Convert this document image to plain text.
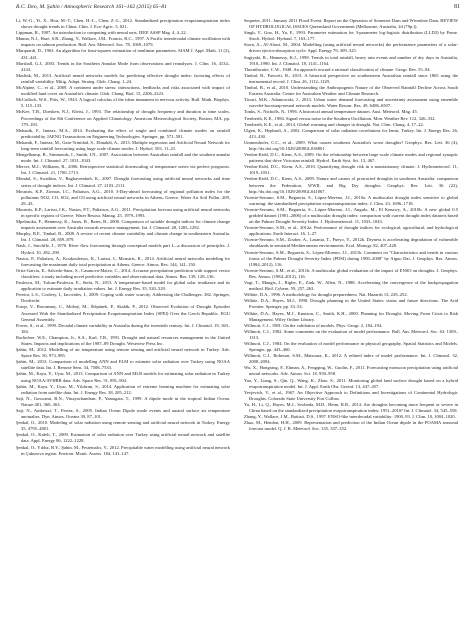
R.C. Deo, M. Şahin / Atmospheric Research 161–162 (2015) 65–81	81

Li, W.-G., Yi, X., Hou, M.-T., Chen, H.-L., Chen, Z.-L., 2012. Standardized precipitation evapotranspiration index shows drought trends in China. Chin. J. Eco-Agric. 5, 021.

Lippman, R., 1987. An introduction to computing with neural nets. IEEE ASSP Mag. 4, 4–22.

Manna, N.J., Hare, S.R., Zhang, Y., Wallace, J.M., Francis, R.C., 1997. A Pacific interdecadal climate oscillation with impacts on salmon production. Bull. Am. Meteorol. Soc. 78, 1069–1079.

Marquardt, D., 1963. An algorithm for least-squares estimation of nonlinear parameters. SIAM J. Appl. Math. 11 (2), 431–441.

Marshall, G.J., 2003. Trends in the Southern Annular Mode from observations and reanalyses. J. Clim. 16, 4134–4143.

Maslink, M., 2013. Artificial neural networks models for predicting effective drought index: factoring effects of rainfall variability. Mitig. Adapt. Strateg. Glob. Chang. 1–24.

McAlpine, C., et al., 2009. A continent under stress: interactions, feedbacks and risks associated with impact of modified land cover on Australia's climate. Glob. Chang. Biol. 15, 2206–2223.

McCulloch, W.S., Pitts, W., 1943. A logical calculus of the ideas immanent in nervous activity. Bull. Math. Biophys. 5, 115–133.

McKee, T.B., Doesken, N.J., Kleist, J., 1993. The relationship of drought frequency and duration to time scales. Proceedings of the 8th Conference on Applied Climatology. American Meteorological Society, Boston, MA, pp. 179–183.

Mekanik, F., Imteaz, M.A., 2014. Evaluating the effect of single and combined climate modes on rainfall predictability. IAENG Transactions on Engineering Technologies. Springer, pp. 571–581.

Mekanik, F., Imteaz, M., Gato-Trinidad, S., Elmahdi, A., 2013. Multiple regression and Artificial Neural Network for long-term rainfall forecasting using large scale climate modes. J. Hydrol. 503, 11–21.

Mengelkamp, B., Simmonds, I., Smith, I.N., 2007. Association between Australian rainfall and the southern annular mode. Int. J. Climatol. 27, 1031–1043.

Mercer, M.J., Williams, R., 2006. Retrospective statistical downscaling of temperature series via perfect prognosis. Int. J. Climatol. 21, 1700–1713.

Mondal, S., Swathim, V., Raghavendarh, K., 2007. Drought forecasting using artificial neural networks and time series of drought indices. Int. J. Climatol. 27, 2103–2111.

Moustris, K.P., Ziomas, I.C., Paliatsos, A.G., 2010. 3-Day-ahead forecasting of regional pollution index for the pollutants NO2, CO, SO2, and O3 using artificial neural networks in Athens, Greece. Water Air Soil Pollut. 209, 29–43.

Moustris, K.P., Larissi, I.K., Nastos, P.T., Paliatsos, A.G., 2011. Precipitation forecast using artificial neural networks in specific regions of Greece. Water Resour. Manag. 25, 1979–1993.

Mpelasoka, F., Hennessy, K., Jones, R., Bates, B., 2008. Comparison of suitable drought indices for climate change impacts assessment over Australia towards resource management. Int. J. Climatol. 28, 1283–1292.

Murphy, B.F., Timbal, B., 2008. A review of recent climate variability and climate change in southeastern Australia. Int. J. Climatol. 28, 859–879.

Nash, J., Sutcliffe, J., 1970. River flow forecasting through conceptual models part I—a discussion of principles. J. Hydrol. 10, 282–290.

Nastos, P., Paliatsos, A., Koukouletsos, K., Larissi, I., Moustris, K., 2014. Artificial neural networks modeling for forecasting the maximum daily total precipitation at Athens, Greece. Atmos. Res. 144, 141–150.

Ortiz-García, E., Salcedo-Sanz, S., Casanova-Mateo, C., 2014. Accurate precipitation prediction with support vector classifiers: a study including novel predictive variables and observational data. Atmos. Res. 139, 128–136.

Paulescu, M., Tulcan-Paulescu, E., Stefu, N., 2013. A temperature-based model for global solar irradiance and its application to estimate daily irradiation values. Int. J. Energy Res. 35, 520–529.

Pereira, L.S., Cordery, I., Iacovides, I., 2009. Coping with water scarcity. Addressing the Challenges. 382. Springer, Dordrecht.

Potop, V., Boroneanț, C., Možný, M., Štěpánek, P., Skalák, P., 2012. Observed Evolution of Drought Episodes Assessed With the Standardized Precipitation Evapotranspiration Index (SPEI) Over the Czech Republic. EGU General Assembly.

Power, S., et al., 1999. Decadal climate variability in Australia during the twentieth century. Int. J. Climatol. 19, 169–184.

Rorhofere, W.E., Champion, Jr., S.A., Karl, T.R., 1991. Drought and natural resources management in the United States. Impacts and implications of the 1987–89 Drought. Westview Press Inc.

Şahin, M., 2012. Modelling of air temperature using remote sensing and artificial neural network in Turkey. Adv. Space Res. 50, 973–985.

Şahin, M., 2013. Comparison of modelling ANN and ELM to estimate solar radiation over Turkey using NOAA satellite data. Int. J. Remote Sens. 34, 7508–7533.

Şahin, M., Kaya, Y., Uyar, M., 2013. Comparison of ANN and MLR models for estimating solar radiation in Turkey using NOAA/AVHRR data. Adv. Space Res. 51, 891–904.

Şahin, M., Kaya, Y., Uyar, M., Yıldırım, S., 2014. Application of extreme learning machine for estimating solar radiation from satellite data. Int. J. Energy Res. 38, 205–212.

Saji, N., Goswami, B.N., Vinayachandran, P., Yamagata, T., 1999. A dipole mode in the tropical Indian Ocean. Nature 401, 360–363.

Saji, N., Ambrizzi, T., Ferraz, S., 2005. Indian Ocean Dipole mode events and austral surface air temperature anomalies. Dyn. Atmos. Oceans 39, 87–101.

Şenkal, O., 2010. Modeling of solar radiation using remote sensing and artificial neural network in Turkey. Energy 35, 4795–4801.

Şenkal, O., Kuleli, T., 2009. Estimation of solar radiation over Turkey using artificial neural network and satellite data. Appl. Energy 86, 1222–1228.

Şenkal, O., Yıldız, B.Y., Şahin, M., Pestemalcı, V., 2012. Precipitable water modelling using artificial neural network in Çukurova region. Environ. Monit. Assess. 184, 141–147.

Sequeter, 2011. January 2011 Flood Event: Report on the Operation of Somerset Dam and Wivenhoe Dam. REVIEW OF HYDROLOGICAL ISSUES Queensland Government (Melbourne, Australia, 2d (79p.)).

Singh, V., Guo, H., Yu, F., 1993. Parameter estimation for 3-parameter log-logistic distribution (LLD3) by Pome. Stoch. Hydrol. Hydraul. 7, 163–177.

Storn, A., Al-Alawi, M., 2004. Modelling (using artificial neural networks) the performance parameters of a solar-driven ejector-absorption cycle. Appl. Energy 79, 309–325.

Sugiyaki, R., Hennessy, K.J., 1998. Trends in total rainfall, heavy rain events and number of dry days in Australia, 1910–1990. Int. J. Climatol. 18, 1141–1164.

Thornthwaite, C.W., 1948. An approach toward a rational classification of climate. Geogr. Rev. 55–94.

Timbal, B., Fawcett, R., 2013. A historical perspective on southeastern Australian rainfall since 1865 using the instrumental record. J. Clim. 26, 1112–1129.

Timbal, B., et al., 2010. Understanding the Anthropogenic Nature of the Observed Rainfall Decline Across South Eastern Australia. Centre for Australian Weather and Climate Research.

Tiwari, M.K., Adamowski, J., 2013. Urban water demand forecasting and uncertainty assessment using ensemble wavelet-bootstrap-neural network models. Water Resour. Res. 49, 6486–6507.

Tonks, S., Nicholls, N., 1996. A historical annual temperature dataset. Aust. Meteorol. Mag. 45.

Trenberth, K.E., 1984. Signal versus noise in the Southern Oscillation. Mon. Weather Rev. 112, 326–332.

Trenberth, K.E., et al., 2014. Global warming and changes in drought. Nat. Clim. Chang. 4, 17–22.

Ulgen, K., Hepbasli, A., 2002. Comparison of solar radiation correlations for Izmir, Turkey. Int. J. Energy Res. 26, 413–430.

Ummenhofer, C.C., et al., 2009. What causes southeast Australia's worst droughts? Geophys. Res. Lett. 36 (4), http://dx.doi.org/10.1029/2008GL036801.

Verdon-Kidd, D.C., Kiem, A.S., 2009. On the relationship between large-scale climate modes and regional synoptic patterns that drive Victorian rainfall. Hydrol. Earth Syst. Sci. 13, 467.

Verdon-Kidd, D.C., Kiem, A.S., 2010. Quantifying drought risk in a nonstationary climate. J. Hydrometeorol. 11, 1019–1031.

Verdon-Kidd, D.C., Kiem, A.S., 2009. Nature and causes of protracted droughts in southeast Australia: comparison between the Federation, WWII, and Big Dry droughts. Geophys. Res. Lett. 36 (22), http://dx.doi.org/10.1029/2009GL041067.

Vicente-Serrano, S.M., Beguería, S., López-Moreno, J.I., 2010a. A multiscalar drought index sensitive to global warming: the standardized precipitation evapotranspiration index. J. Clim. 23, 1696–1718.

Vicente-Serrano, S.M., Beguería, S., López-Moreno, J.I., Angulo, M., El Kenawy, A., 2010b. A new global 0.5 gridded dataset (1901–2006) of a multiscalar drought index: comparison with current drought index datasets based on the Palmer Drought Severity Index. J. Hydrometeorol. 11, 1033–1043.

Vicente-Serrano, S.M., et al., 2012a. Performance of drought indices for ecological, agricultural, and hydrological applications. Earth Interact. 16, 1–27.

Vicente-Serrano, S.M., Zouber, A., Lasanta, T., Pueyo, Y., 2012b. Dryness is accelerating degradation of vulnerable shrublands in semiarid Mediterranean environments. Ecol. Monogr. 82, 407–428.

Vicente-Serrano, S.M., Beguería, S., López-Moreno, J.I., 2011b. Comment on "Characteristics and trends in various forms of the Palmer Drought Severity Index (PDSI) during 1900–2008" by Aiguo Dai. J. Geophys. Res. Atmos. (1984–2012), 116.

Vicente-Serrano, S.M., et al., 2011b. A multiscalar global evaluation of the impact of ENSO on droughts. J. Geophys. Res. Atmos. (1984–2012), 116.

Vogt, T., Mangis, J., Rigler, E., Zink, W., Allen, N., 1988. Accelerating the convergence of the backpropagation method. Biol. Cybern. 59, 257–263.

Wilhite, D.A., 1996. A methodology for drought preparedness. Nat. Hazards 13, 229–252.

Wilhite, D.A., Hayes, M.J., 1998. Drought planning in the United States: status and future directions. The Arid Frontier. Springer, pp. 33–54.

Wilhite, D.A., Hayes, M.J., Knutson, C., Smith, K.H., 2000. Planning for Drought: Moving From Crisis to Risk Management. Wiley Online Library.

Willmott, C.J., 1981. On the validation of models. Phys. Geogr. 2, 184–194.

Willmott, C.J., 1982. Some comments on the evaluation of model performance. Bull. Am. Meteorol. Soc. 63, 1309–1313.

Willmott, C.J., 1984. On the evaluation of model performance in physical geography. Spatial Statistics and Models. Springer, pp. 443–460.

Willmott, C.J., Robeson, S.M., Matsuura, K., 2012. A refined index of model performance. Int. J. Climatol. 32, 2088–2094.

Wu, X., Hongxing, F., Ehman, A., Fengqing, W., Guolin, F., 2011. Forecasting monsoon precipitation using artificial neural networks. Adv. Atmos. Sci. 18, 950–958.

Yao, Y., Liang, S., Qin, Q., Wang, K., Zhao, S., 2011. Monitoring global land surface drought based on a hybrid evapotranspiration model. Int. J. Appl. Earth Obs. Geoinf. 13, 447–457.

Yevjevich, V., et al., 1967. An Objective Approach to Definitions and Investigations of Continental Hydrologic Droughts. Colorado State University Fort Collins.

Yu, H., Li, Q., Hayes, M.J., Svoboda, M.D., Heim, R.R., 2014. Are droughts becoming more frequent or severe in China based on the standardized precipitation evapotranspiration index: 1951–2010? Int. J. Climatol. 34, 545–558.

Zhang, Y., Wallace, J.M., Battisti, D.S., 1997. ENSO-like interdecadal variability: 1900–93. J. Clim. 10, 1004–1020.

Zhao, M., Hendon, H.H., 2009. Representation and prediction of the Indian Ocean dipole in the POAMA seasonal forecast model. Q. J. R. Meteorol. Soc. 135, 337–352.
